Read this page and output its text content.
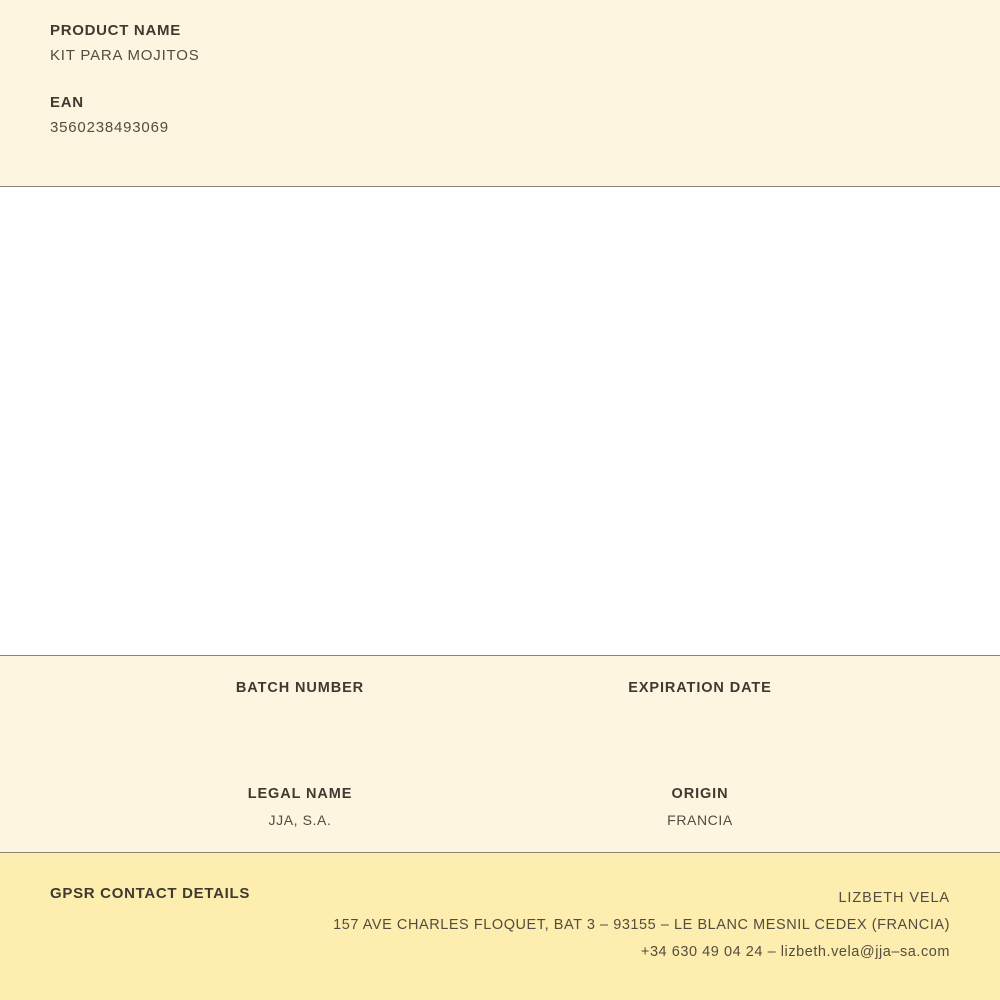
PRODUCT NAME
KIT PARA MOJITOS
EAN
3560238493069
BATCH NUMBER	EXPIRATION DATE
LEGAL NAME
JJA, S.A.
ORIGIN
FRANCIA
GPSR CONTACT DETAILS	LIZBETH VELA
157 AVE CHARLES FLOQUET, BAT 3 – 93155 – LE BLANC MESNIL CEDEX (FRANCIA)
+34 630 49 04 24 – lizbeth.vela@jja–sa.com
